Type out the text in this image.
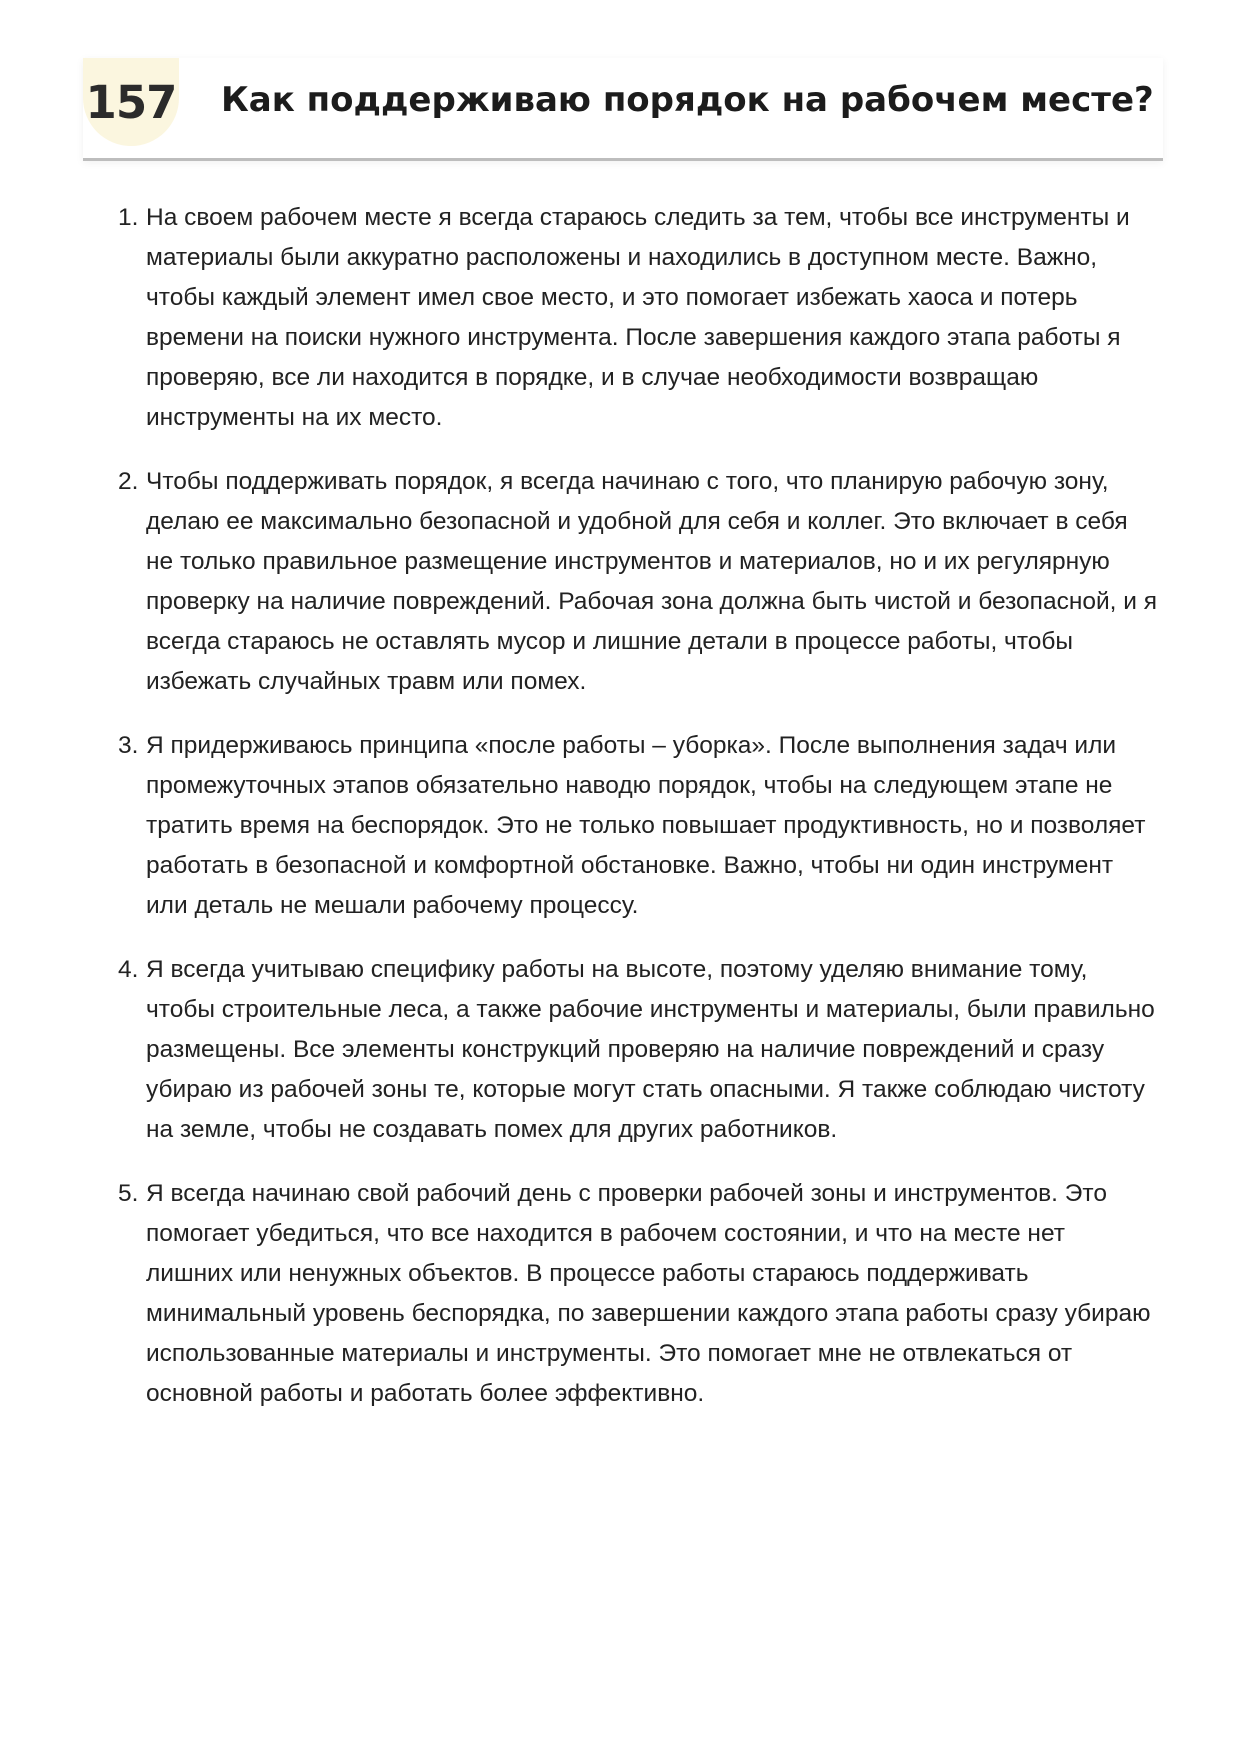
157 Как поддерживаю порядок на рабочем месте?
1. На своем рабочем месте я всегда стараюсь следить за тем, чтобы все инструменты и материалы были аккуратно расположены и находились в доступном месте. Важно, чтобы каждый элемент имел свое место, и это помогает избежать хаоса и потерь времени на поиски нужного инструмента. После завершения каждого этапа работы я проверяю, все ли находится в порядке, и в случае необходимости возвращаю инструменты на их место.
2. Чтобы поддерживать порядок, я всегда начинаю с того, что планирую рабочую зону, делаю ее максимально безопасной и удобной для себя и коллег. Это включает в себя не только правильное размещение инструментов и материалов, но и их регулярную проверку на наличие повреждений. Рабочая зона должна быть чистой и безопасной, и я всегда стараюсь не оставлять мусор и лишние детали в процессе работы, чтобы избежать случайных травм или помех.
3. Я придерживаюсь принципа «после работы – уборка». После выполнения задач или промежуточных этапов обязательно наводю порядок, чтобы на следующем этапе не тратить время на беспорядок. Это не только повышает продуктивность, но и позволяет работать в безопасной и комфортной обстановке. Важно, чтобы ни один инструмент или деталь не мешали рабочему процессу.
4. Я всегда учитываю специфику работы на высоте, поэтому уделяю внимание тому, чтобы строительные леса, а также рабочие инструменты и материалы, были правильно размещены. Все элементы конструкций проверяю на наличие повреждений и сразу убираю из рабочей зоны те, которые могут стать опасными. Я также соблюдаю чистоту на земле, чтобы не создавать помех для других работников.
5. Я всегда начинаю свой рабочий день с проверки рабочей зоны и инструментов. Это помогает убедиться, что все находится в рабочем состоянии, и что на месте нет лишних или ненужных объектов. В процессе работы стараюсь поддерживать минимальный уровень беспорядка, по завершении каждого этапа работы сразу убираю использованные материалы и инструменты. Это помогает мне не отвлекаться от основной работы и работать более эффективно.
